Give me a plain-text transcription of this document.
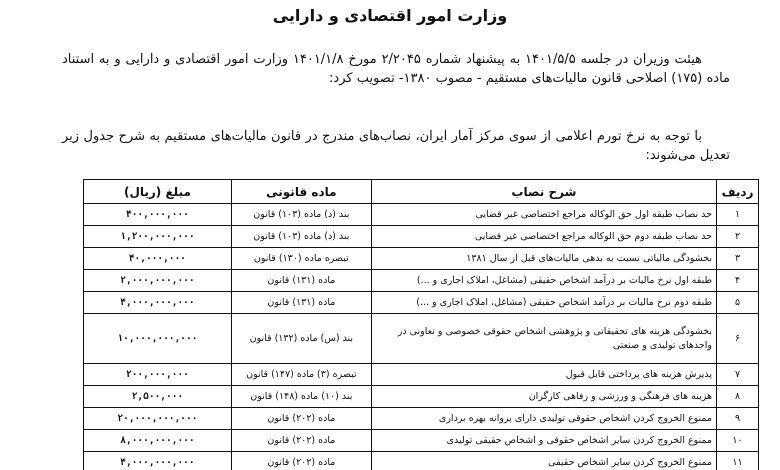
وزارت امور اقتصادی و دارایی

هیئت وزیران در جلسه ۱۴۰۱/۵/۵ به پیشنهاد شماره ۲/۲۰۴۵ مورخ ۱۴۰۱/۱/۸ وزارت امور اقتصادی و دارایی و به استناد ماده (۱۷۵) اصلاحی قانون مالیات‌های مستقیم - مصوب ۱۳۸۰- تصویب کرد:

با توجه به نرخ تورم اعلامی از سوی مرکز آمار ایران، نصاب‌های مندرج در قانون مالیات‌های مستقیم به شرح جدول زیر تعدیل می‌شوند:

ردیف	شرح نصاب	ماده قانونی	مبلغ (ریال)
۱	حد نصاب طبقه اول حق الوکاله مراجع اختصاصی غیر قضایی	بند (د) ماده (۱۰۳) قانون	۴۰۰,۰۰۰,۰۰۰
۲	حد نصاب طبقه دوم حق الوکاله مراجع اختصاصی غیر قضایی	بند (د) ماده (۱۰۳) قانون	۱,۲۰۰,۰۰۰,۰۰۰
۳	بخشودگی مالیاتی نسبت به بدهی مالیات‌های قبل از سال ۱۳۸۱	تبصره ماده (۱۳۰) قانون	۴۰,۰۰۰,۰۰۰
۴	طبقه اول نرخ مالیات بر درآمد اشخاص حقیقی (مشاغل، املاک اجاری و ...)	ماده (۱۳۱) قانون	۲,۰۰۰,۰۰۰,۰۰۰
۵	طبقه دوم نرخ مالیات بر درآمد اشخاص حقیقی (مشاغل، املاک اجاری و ...)	ماده (۱۳۱) قانون	۴,۰۰۰,۰۰۰,۰۰۰
۶	بخشودگی هزینه های تحقیقاتی و پژوهشی اشخاص حقوقی خصوصی و تعاونی در واحدهای تولیدی و صنعتی	بند (س) ماده (۱۳۲) قانون	۱۰,۰۰۰,۰۰۰,۰۰۰
۷	پذیرش هزینه های پرداختی قابل قبول	تبصره (۳) ماده (۱۴۷) قانون	۲۰۰,۰۰۰,۰۰۰
۸	هزینه های فرهنگی و ورزشی و رفاهی کارگران	بند (۱۰) ماده (۱۴۸) قانون	۲,۵۰۰,۰۰۰
۹	ممنوع الخروج کردن اشخاص حقوقی تولیدی دارای پروانه بهره برداری	ماده (۲۰۲) قانون	۲۰,۰۰۰,۰۰۰,۰۰۰
۱۰	ممنوع الخروج کردن سایر اشخاص حقوقی و اشخاص حقیقی تولیدی	ماده (۲۰۲) قانون	۸,۰۰۰,۰۰۰,۰۰۰
۱۱	ممنوع الخروج کردن سایر اشخاص حقیقی	ماده (۲۰۲) قانون	۴,۰۰۰,۰۰۰,۰۰۰
